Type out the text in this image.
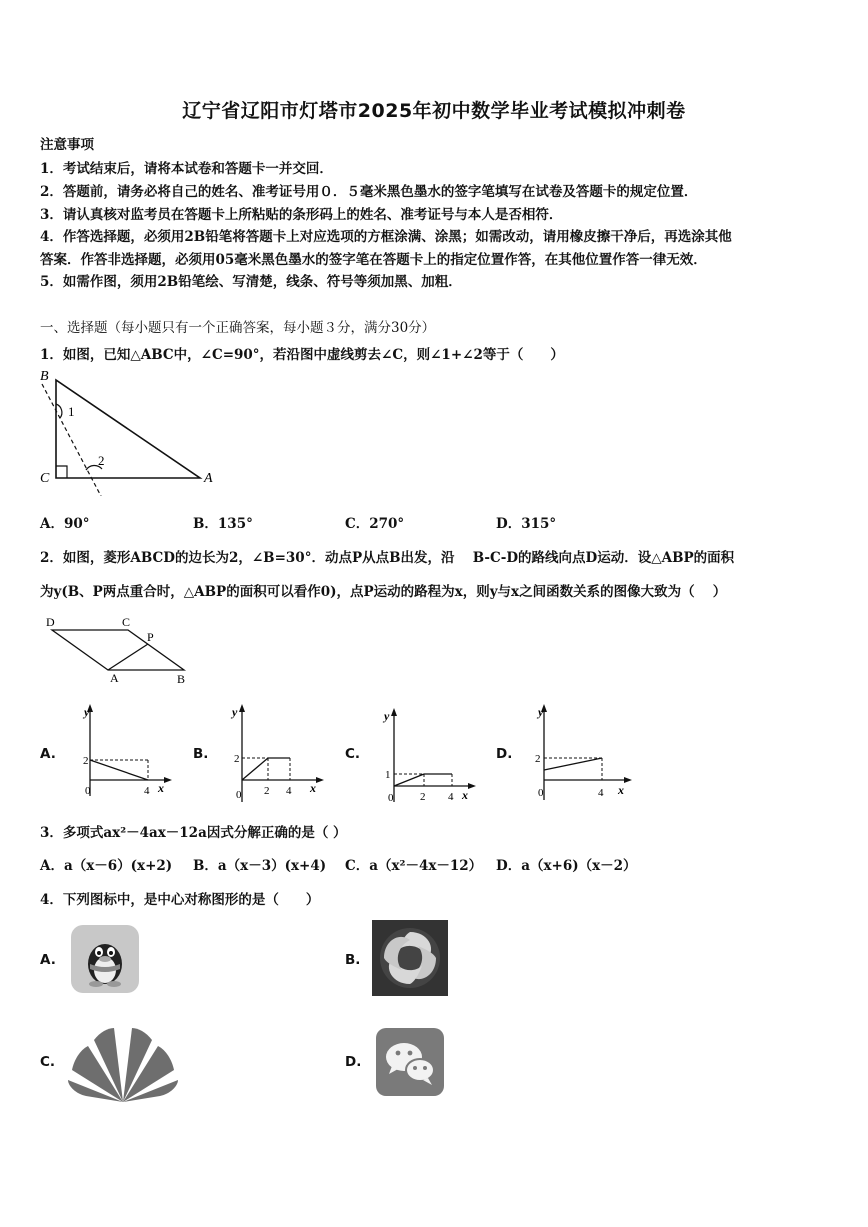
辽宁省辽阳市灯塔市2025年初中数学毕业考试模拟冲刺卷
注意事项
1．考试结束后，请将本试卷和答题卡一并交回．
2．答题前，请务必将自己的姓名、准考证号用０．５毫米黑色墨水的签字笔填写在试卷及答题卡的规定位置．
3．请认真核对监考员在答题卡上所粘贴的条形码上的姓名、准考证号与本人是否相符．
4．作答选择题，必须用2B铅笔将答题卡上对应选项的方框涂满、涂黑；如需改动，请用橡皮擦干净后，再选涂其他
答案．作答非选择题，必须用05毫米黑色墨水的签字笔在答题卡上的指定位置作答，在其他位置作答一律无效．
5．如需作图，须用2B铅笔绘、写清楚，线条、符号等须加黑、加粗．
一、选择题（每小题只有一个正确答案，每小题３分，满分30分）
1．如图，已知△ABC中，∠C=90°，若沿图中虚线剪去∠C，则∠1+∠2等于（　　）
B
C	A
1
2
A．90°	B．135°	C．270°	D．315°
2．如图，菱形ABCD的边长为2，∠B=30°．动点P从点B出发，沿　 B-C-D的路线向点D运动．设△ABP的面积
为y(B、P两点重合时，△ABP的面积可以看作0)，点P运动的路程为x，则y与x之间函数关系的图像大致为（　 ）
D	C
P
A	B
A.	B.	C.	D.
y
x
2
0	4
y
x
2
0 2 4
y
x
1
0 2 4
y
x
2
0	4
3．多项式ax²－4ax－12a因式分解正确的是（ ）
A．a（x－6）(x+2) B．a（x－3）(x+4) C．a（x²－4x－12） D．a（x+6)（x－2）
4．下列图标中，是中心对称图形的是（　　）
A.	B.
C.	D.
